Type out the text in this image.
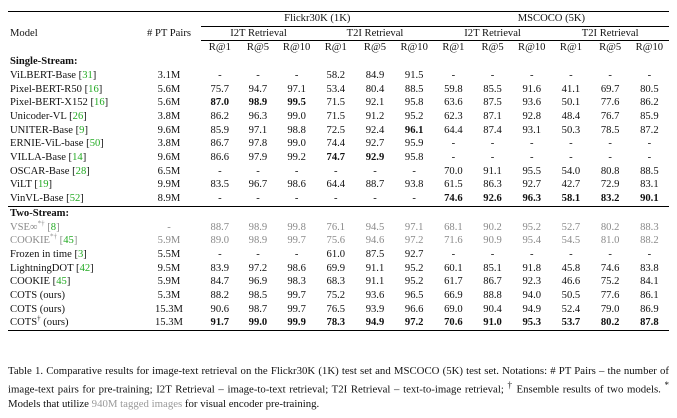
Model	# PT Pairs	Flickr30K (1K)						MSCOCO (5K)					
		I2T Retrieval			T2I Retrieval			I2T Retrieval			T2I Retrieval		
		R@1	R@5	R@10	R@1	R@5	R@10	R@1	R@5	R@10	R@1	R@5	R@10
Single-Stream:													
ViLBERT-Base [31]	3.1M	-	-	-	58.2	84.9	91.5	-	-	-	-	-	-
Pixel-BERT-R50 [16]	5.6M	75.7	94.7	97.1	53.4	80.4	88.5	59.8	85.5	91.6	41.1	69.7	80.5
Pixel-BERT-X152 [16]	5.6M	87.0	98.9	99.5	71.5	92.1	95.8	63.6	87.5	93.6	50.1	77.6	86.2
Unicoder-VL [26]	3.8M	86.2	96.3	99.0	71.5	91.2	95.2	62.3	87.1	92.8	48.4	76.7	85.9
UNITER-Base [9]	9.6M	85.9	97.1	98.8	72.5	92.4	96.1	64.4	87.4	93.1	50.3	78.5	87.2
ERNIE-ViL-base [50]	3.8M	86.7	97.8	99.0	74.4	92.7	95.9	-	-	-	-	-	-
VILLA-Base [14]	9.6M	86.6	97.9	99.2	74.7	92.9	95.8	-	-	-	-	-	-
OSCAR-Base [28]	6.5M	-	-	-	-	-	-	70.0	91.1	95.5	54.0	80.8	88.5
ViLT [19]	9.9M	83.5	96.7	98.6	64.4	88.7	93.8	61.5	86.3	92.7	42.7	72.9	83.1
VinVL-Base [52]	8.9M	-	-	-	-	-	-	74.6	92.6	96.3	58.1	83.2	90.1
Two-Stream:													
VSE∞*† [8]	-	88.7	98.9	99.8	76.1	94.5	97.1	68.1	90.2	95.2	52.7	80.2	88.3
COOKIE*† [45]	5.9M	89.0	98.9	99.7	75.6	94.6	97.2	71.6	90.9	95.4	54.5	81.0	88.2
Frozen in time [3]	5.5M	-	-	-	61.0	87.5	92.7	-	-	-	-	-	-
LightningDOT [42]	9.5M	83.9	97.2	98.6	69.9	91.1	95.2	60.1	85.1	91.8	45.8	74.6	83.8
COOKIE [45]	5.9M	84.7	96.9	98.3	68.3	91.1	95.2	61.7	86.7	92.3	46.6	75.2	84.1
COTS (ours)	5.3M	88.2	98.5	99.7	75.2	93.6	96.5	66.9	88.8	94.0	50.5	77.6	86.1
COTS (ours)	15.3M	90.6	98.7	99.7	76.5	93.9	96.6	69.0	90.4	94.9	52.4	79.0	86.9
COTS† (ours)	15.3M	91.7	99.0	99.9	78.3	94.9	97.2	70.6	91.0	95.3	53.7	80.2	87.8
Table 1. Comparative results for image-text retrieval on the Flickr30K (1K) test set and MSCOCO (5K) test set. Notations: # PT Pairs – the number of image-text pairs for pre-training; I2T Retrieval – image-to-text retrieval; T2I Retrieval – text-to-image retrieval; † Ensemble results of two models. * Models that utilize 940M tagged images for visual encoder pre-training.
